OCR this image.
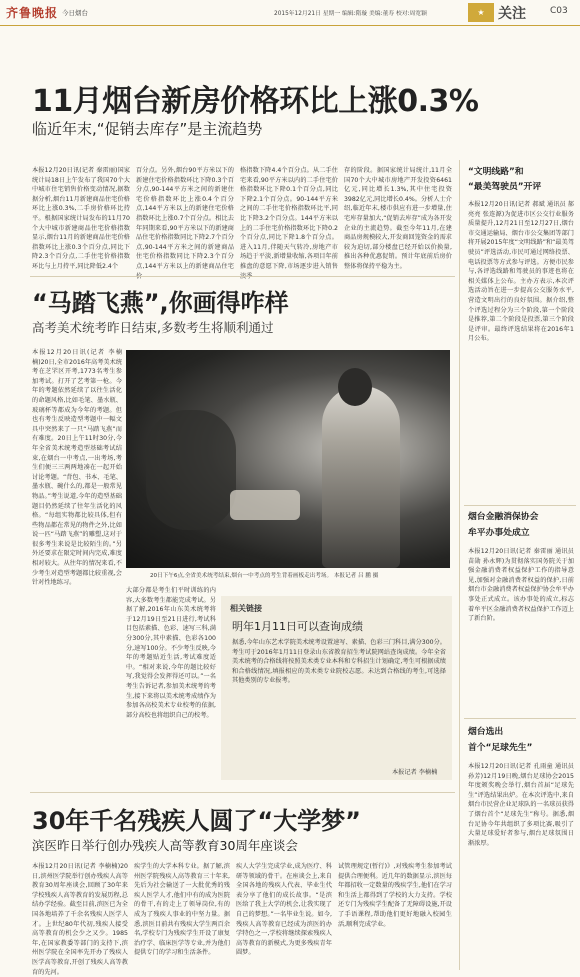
齐鲁晚报 今日烟台	2015年12月21日 星期一 编辑:隋璇 美编:董寿 校对:周宽颖	★ 关注	C03
11月烟台新房价格环比上涨0.3%
临近年末,“促销去库存”是主流趋势
本报12月20日讯(记者 秦雷丽)国家统计局18日上午发布了我国70个大中城市住宅销售价格变动情况,据数据分析,烟台11月新建商品住宅价格环比上涨0.3%,二手房价格环比持平。根据国家统计局发布的11月70个大中城市新建商品住宅价格指数显示,烟台11月的新建商品住宅价格指数环比上涨0.3个百分点,同比下降2.3个百分点,二手住宅价格指数环比与上月持平,同比降低2.4个
百分点。另外,烟台90平方米以下的新建住宅价格指数环比下降0.3个百分点,90-144平方米之间的新建住宅价格指数环比上涨0.4个百分点,144平方米以上的新建住宅价格指数环比上涨0.7个百分点。相比去年同期来看,90平方米以下的新建商品住宅价格指数同比下降2.7个百分点,90-144平方米之间的新建商品住宅价格指数同比下降2.3个百分点,144平方米以上的新建商品住宅
格指数下降4.4个百分点。从二手住宅来看,90平方米以内的二手住宅价格指数环比下降0.1个百分点,同比下降2.1个百分点。90-144平方米之间的二手住宅价格指数环比平,同比下降3.2个百分点。144平方米以上的二手住宅价格指数环比下降0.2个百分点,同比下降1.8个百分点。进入11月,伴随天气转冷,房地产市场趋于平淡,新增量收缩,各项目年前推盘的意愿下降,市场逐步进入销售
存的阶段。据国家统计局统计,11月全国70个大中城市房地产开发投资6461亿元,同比增长1.3%,其中住宅投资3982亿元,同比增长0.4%。分析人士介绍,临近年末,楼市供应有进一步增量,住宅库存量加大,“促销去库存”成为各开发企业的主流趋势。截至今年11月,在建商品房规模较大,开发商回笼资金的需求较为迫切,部分楼盘已经开始以价换量,推出各种优惠促销。预计年底前后房价整体将保持平稳为主。
“马踏飞燕”,你画得咋样
高考美术统考昨日结束,多数考生将顺利通过
本报12月20日讯(记者 李楠楠)20日,全市2016年高考美术统考在芝罘区开考,1773名考生参加考试。打开了艺考第一枪。今年的考题依然延续了以往生活化的命题风格,比如毛笔、墨水瓶、玻璃杯等都成为今年的考题。但也有考生反映造型考题中一幅文具中突然来了一只“马踏飞燕”而有难度。20日上午11时30分,今年全省美术统考造型基础考试结束,在烟台一中考点,一出考场,考生们便三三两两地凑在一起开始讨论考题。“背包、书本、毛笔、墨水瓶、碗什么的,都是一般常见物品。”考生说道,今年的造型基础题目仍然延续了往年生活化的风格。“每组实物都比较具体,但有些物品都在常见的物件之外,比如说一匹“马踏飞燕”的雕塑,这对于很多考生来说是比较陌生的。”另外还要求在限定时间内完成,难度相对较大。从往年的情况来看,不少考生对造型考题都比较重视,会针对性地练习。
20日下午6点,全省美术统考结束,烟台一中考点的考生背着画板走出考场。 本报记者 吕 鹏 摄
大部分都是考生们平时训练的内容,大多数考生都能完成考试。另据了解,2016年山东美术统考将于12月19日至21日进行,考试科目包括素描、色彩、速写三科,满分300分,其中素描、色彩各100分,速写100分。不少考生反映,今年的考题贴近生活,考试难度适中。“相对来说,今年的题比较好写,我觉得会发挥得还可以。”一名考生告诉记者,参加美术统考的考生,接下来将以美术统考成绩作为参加各高校美术专业校考的依据,部分高校也将组织自己的校考。
相关链接
明年1月11日可以查询成绩
据悉,今年山东艺术学院美术统考设置速写、素描、色彩三门科目,满分300分。考生可于2016年1月11日登录山东省教育招生考试院网站查询成绩。今年全省美术统考的合格线将按照美术类专业本科和专科招生计划确定,考生可根据成绩和合格线情况,填报相应的美术类专业院校志愿。未达到合格线的考生,可选择其他类别的专业报考。
本报记者 李楠楠
30年千名残疾人圆了“大学梦”
滨医昨日举行创办残疾人高等教育30周年座谈会
本报12月20日讯(记者 李楠楠)20日,滨州医学院举行创办残疾人高等教育30周年座谈会,回顾了30年来学校残疾人高等教育的发展历程,总结办学经验。截至目前,滨医已为全国各地培养了千余名残疾人医学人才。上世纪80年代初,残疾人接受高等教育的机会少之又少。1985年,在国家教委等部门的支持下,滨州医学院在全国率先开办了残疾人医学高等教育,开创了残疾人高等教育的先河。
疾学生的大学本科专业。据了解,滨州医学院残疾人高等教育三十年来,先后为社会输送了一大批优秀的残疾人医学人才,他们中有的成为医院的骨干,有的走上了领导岗位,有的成为了残疾人事业的中坚力量。据悉,滨医目前共有残疾大学生两百余名,学校专门为残疾学生开设了康复治疗学、临床医学等专业,并为他们提供专门的学习和生活条件。
疾人大学生完成学业,成为医疗、科研等领域的骨干。在座谈会上,来自全国各地的残疾人代表、毕业生代表分享了他们的成长故事。“是滨医给了我上大学的机会,让我实现了自己的梦想。”一名毕业生说。如今,残疾人高等教育已经成为滨医的办学特色之一,学校将继续探索残疾人高等教育的新模式,为更多残疾青年圆梦。
试管理规定(暂行)》,对残疾考生参加考试提供合理便利。近几年的数据显示,滨医每年都招收一定数量的残疾学生,他们在学习和生活上都得到了学校的大力支持。学校还专门为残疾学生配备了无障碍设施,开设了手语课程,帮助他们更好地融入校园生活,顺利完成学业。
“文明线路”和
“最美驾驶员”开评
本报12月20日讯(记者 郝斌 通讯员 郝亮亮 张连源)为促进市区公交行业服务质量提升,12月21日至12月27日,烟台市交通运输局、烟台市公交集团等部门将开展2015年度“文明线路”和“最美驾驶员”评选活动,市民可通过网络投票、电话投票等方式参与评选。方便市民参与,各评选线路和驾驶员的事迹也将在相关媒体上公布。主办方表示,本次评选活动旨在进一步提高公交服务水平,营造文明出行的良好氛围。据介绍,整个评选过程分为三个阶段,第一个阶段是推荐,第二个阶段是投票,第三个阶段是评审。最终评选结果将在2016年1月公布。
烟台金融消保协会
牟平办事处成立
本报12月20日讯(记者 秦雷丽 通讯员 苗勋 孙永辉)为贯彻落实国务院关于加强金融消费者权益保护工作的指导意见,加强对金融消费者权益的保护,日前烟台市金融消费者权益保护协会牟平办事处正式成立。该办事处的成立,标志着牟平区金融消费者权益保护工作迈上了新台阶。
烟台选出
首个“足球先生”
本报12月20日讯(记者 孔雨童 通讯员 孙芳)12月19日晚,烟台足球协会2015年度颁奖晚会举行,烟台首届“足球先生”评选结果出炉。在本次评选中,来自烟台市民营企业足球队的一名球员获得了烟台首个“足球先生”称号。据悉,烟台足协今年共组织了多项比赛,吸引了大量足球爱好者参与,烟台足球氛围日渐浓厚。
